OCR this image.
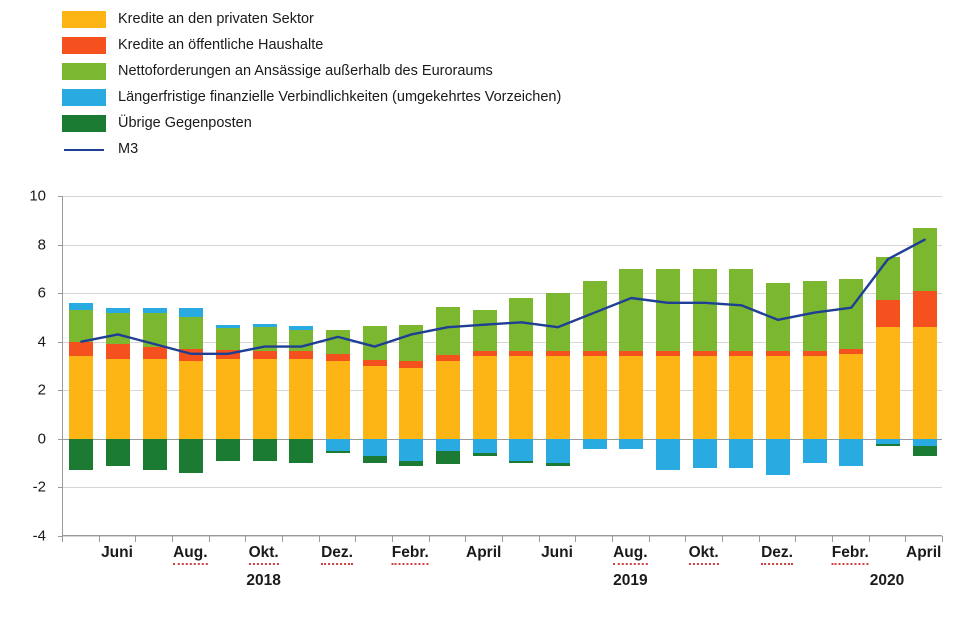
Kredite an den privaten Sektor
Kredite an öffentliche Haushalte
Nettoforderungen an Ansässige außerhalb des Euroraums
Längerfristige finanzielle Verbindlichkeiten (umgekehrtes Vorzeichen)
Übrige Gegenposten
M3
-4
-2
0
2
4
6
8
10
Juni	Aug.	Okt.	Dez.	Febr. April	Juni	Aug.	Okt.	Dez.	Febr. April
2018	2019	2020
